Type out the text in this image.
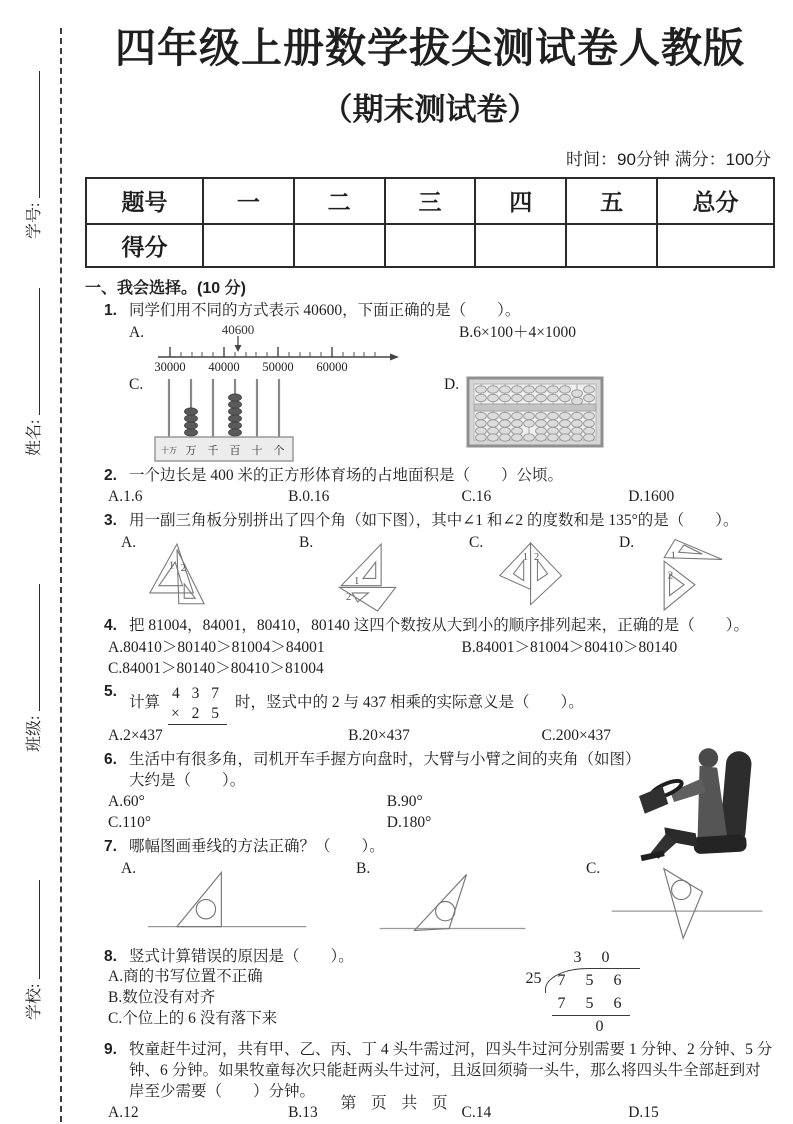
学号:
姓名:
班级:
学校:
四年级上册数学拔尖测试卷人教版
（期末测试卷）
时间：90分钟 满分：100分
题号	一	二	三	四	五	总分
得分						
一、我会选择。(10 分)
1. 同学们用不同的方式表示 40600，下面正确的是（　　）。
A.	40600
30000 40000 50000 60000
B.6×100＋4×1000
C.
十万 万 千 百 十 个
D.
2. 一个边长是 400 米的正方形体育场的占地面积是（　　）公顷。
A.1.6	B.0.16	C.16	D.1600
3. 用一副三角板分别拼出了四个角（如下图），其中∠1 和∠2 的度数和是 135°的是（　　）。
A.
1 2
B.
1
2
C.
1 2
D.
1
2
4. 把 81004，84001，80410，80140 这四个数按从大到小的顺序排列起来，正确的是（　　）。
A.80410＞80140＞81004＞84001	B.84001＞81004＞80410＞80140
C.84001＞80140＞80410＞81004
5.
计算
4 3 7
× 2 5
时，竖式中的 2 与 437 相乘的实际意义是（　　）。
A.2×437	B.20×437	C.200×437
6. 生活中有很多角，司机开车手握方向盘时，大臂与小臂之间的夹角（如图）大约是（　　）。
A.60°	B.90°
C.110°	D.180°
7. 哪幅图画垂线的方法正确？（　　）。
A.	B.	C.
8. 竖式计算错误的原因是（　　）。
A.商的书写位置不正确
B.数位没有对齐
C.个位上的 6 没有落下来
3 0
25	7 5 6
7 5 6
0
9. 牧童赶牛过河，共有甲、乙、丙、丁 4 头牛需过河，四头牛过河分别需要 1 分钟、2 分钟、5 分钟、6 分钟。如果牧童每次只能赶两头牛过河，且返回须骑一头牛，那么将四头牛全部赶到对岸至少需要（　　）分钟。
A.12	B.13	C.14	D.15
第 页 共 页
